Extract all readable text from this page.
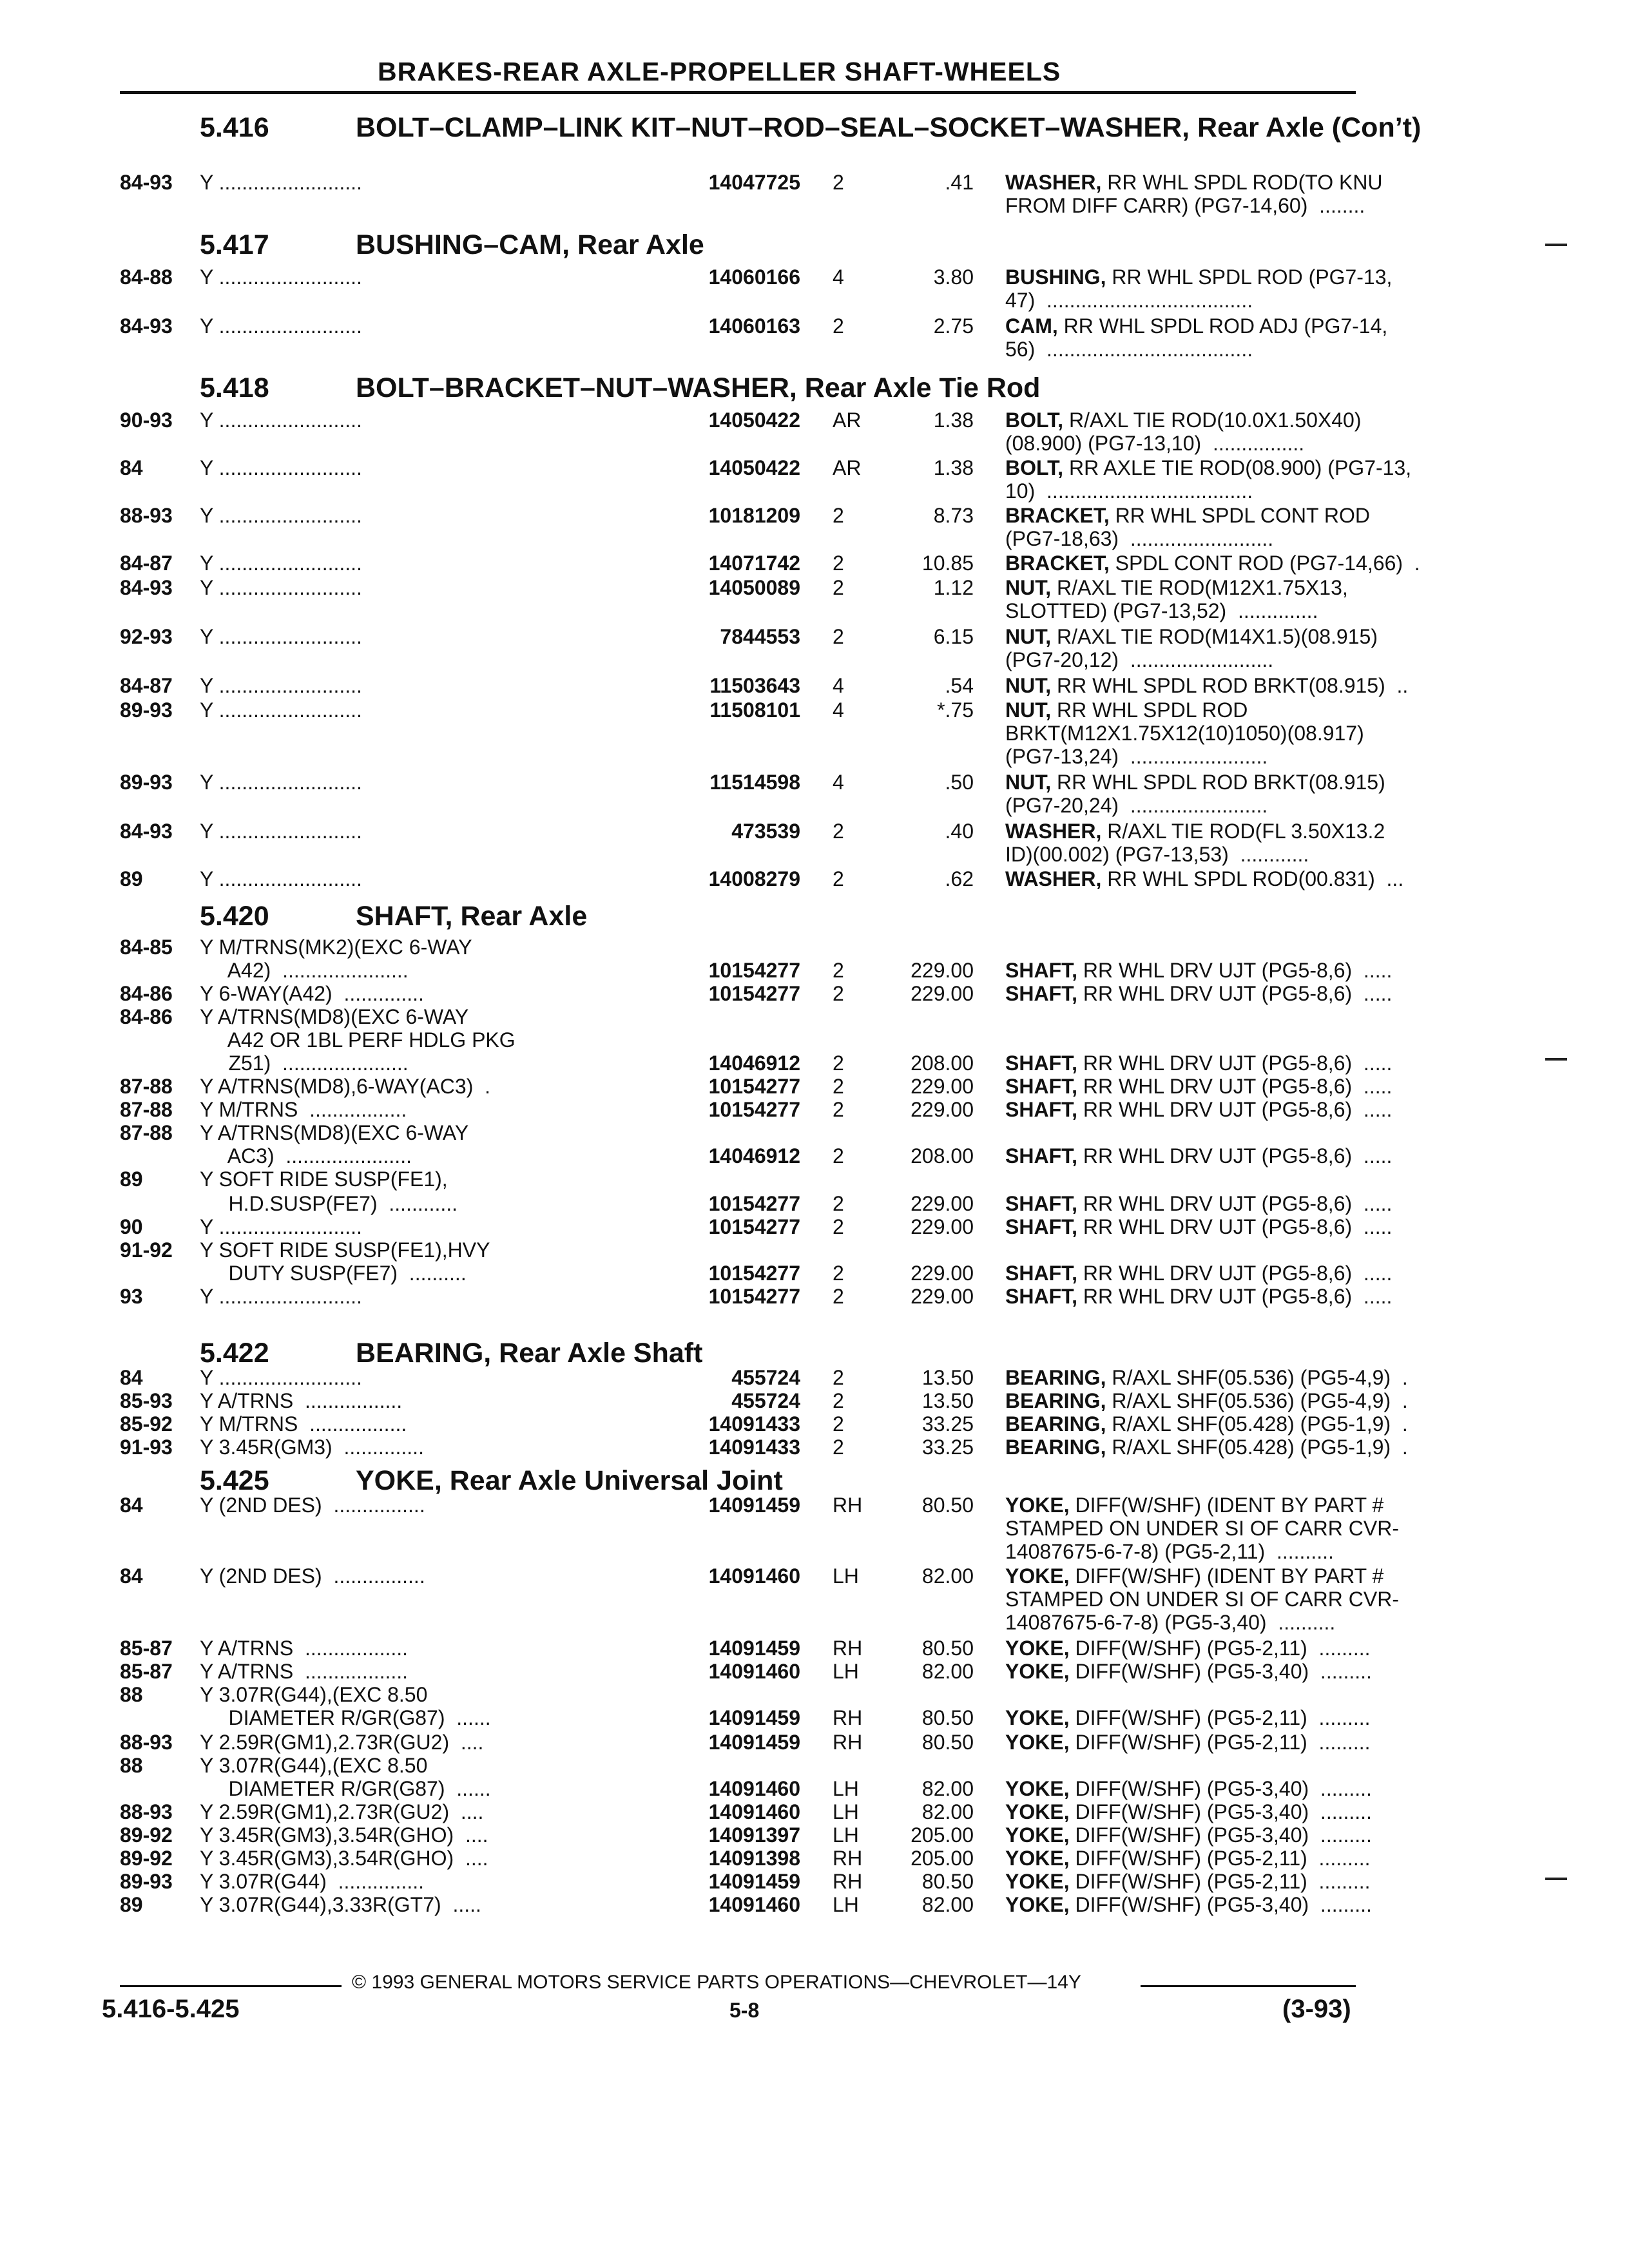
BRAKES-REAR AXLE-PROPELLER SHAFT-WHEELS
5.416	BOLT–CLAMP–LINK KIT–NUT–ROD–SEAL–SOCKET–WASHER, Rear Axle (Con’t)
5.417	BUSHING–CAM, Rear Axle
5.418	BOLT–BRACKET–NUT–WASHER, Rear Axle Tie Rod
5.420	SHAFT, Rear Axle
5.422	BEARING, Rear Axle Shaft
5.425	YOKE, Rear Axle Universal Joint
84-93 Y .........................	14047725 2	.41 WASHER, RR WHL SPDL ROD(TO KNU
FROM DIFF CARR) (PG7-14,60)  ........
84-88 Y .........................	14060166 4	3.80 BUSHING, RR WHL SPDL ROD (PG7-13,
47)  ....................................
84-93 Y .........................	14060163 2	2.75 CAM, RR WHL SPDL ROD ADJ (PG7-14,
56)  ....................................
90-93 Y .........................	14050422 AR	1.38 BOLT, R/AXL TIE ROD(10.0X1.50X40)
(08.900) (PG7-13,10)  ................
84	Y .........................	14050422 AR	1.38 BOLT, RR AXLE TIE ROD(08.900) (PG7-13,
10)  ....................................
88-93 Y .........................	10181209 2	8.73 BRACKET, RR WHL SPDL CONT ROD
(PG7-18,63)  .........................
84-87 Y .........................	14071742 2	10.85 BRACKET, SPDL CONT ROD (PG7-14,66)  .
84-93 Y .........................	14050089 2	1.12 NUT, R/AXL TIE ROD(M12X1.75X13,
SLOTTED) (PG7-13,52)  ..............
92-93 Y .........................	7844553 2	6.15 NUT, R/AXL TIE ROD(M14X1.5)(08.915)
(PG7-20,12)  .........................
84-87 Y .........................	11503643 4	.54 NUT, RR WHL SPDL ROD BRKT(08.915)  ..
89-93 Y .........................	11508101 4	*.75 NUT, RR WHL SPDL ROD
BRKT(M12X1.75X12(10)1050)(08.917)
(PG7-13,24)  ........................
89-93 Y .........................	11514598 4	.50 NUT, RR WHL SPDL ROD BRKT(08.915)
(PG7-20,24)  ........................
84-93 Y .........................	473539 2	.40 WASHER, R/AXL TIE ROD(FL 3.50X13.2
ID)(00.002) (PG7-13,53)  ............
89	Y .........................	14008279 2	.62 WASHER, RR WHL SPDL ROD(00.831)  ...
84-85 Y M/TRNS(MK2)(EXC 6-WAY
A42)  ......................	10154277 2	229.00 SHAFT, RR WHL DRV UJT (PG5-8,6)  .....
84-86 Y 6-WAY(A42)  ..............	10154277 2	229.00 SHAFT, RR WHL DRV UJT (PG5-8,6)  .....
84-86 Y A/TRNS(MD8)(EXC 6-WAY
A42 OR 1BL PERF HDLG PKG
Z51)  ......................	14046912 2	208.00 SHAFT, RR WHL DRV UJT (PG5-8,6)  .....
87-88 Y A/TRNS(MD8),6-WAY(AC3)  .	10154277 2	229.00 SHAFT, RR WHL DRV UJT (PG5-8,6)  .....
87-88 Y M/TRNS  .................	10154277 2	229.00 SHAFT, RR WHL DRV UJT (PG5-8,6)  .....
87-88 Y A/TRNS(MD8)(EXC 6-WAY
AC3)  ......................	14046912 2	208.00 SHAFT, RR WHL DRV UJT (PG5-8,6)  .....
89	Y SOFT RIDE SUSP(FE1),
H.D.SUSP(FE7)  ............	10154277 2	229.00 SHAFT, RR WHL DRV UJT (PG5-8,6)  .....
90	Y .........................	10154277 2	229.00 SHAFT, RR WHL DRV UJT (PG5-8,6)  .....
91-92 Y SOFT RIDE SUSP(FE1),HVY
DUTY SUSP(FE7)  ..........	10154277 2	229.00 SHAFT, RR WHL DRV UJT (PG5-8,6)  .....
93	Y .........................	10154277 2	229.00 SHAFT, RR WHL DRV UJT (PG5-8,6)  .....
84	Y .........................	455724 2	13.50 BEARING, R/AXL SHF(05.536) (PG5-4,9)  .
85-93 Y A/TRNS  .................	455724 2	13.50 BEARING, R/AXL SHF(05.536) (PG5-4,9)  .
85-92 Y M/TRNS  .................	14091433 2	33.25 BEARING, R/AXL SHF(05.428) (PG5-1,9)  .
91-93 Y 3.45R(GM3)  ..............	14091433 2	33.25 BEARING, R/AXL SHF(05.428) (PG5-1,9)  .
84	Y (2ND DES)  ................	14091459 RH	80.50 YOKE, DIFF(W/SHF) (IDENT BY PART #
STAMPED ON UNDER SI OF CARR CVR-
14087675-6-7-8) (PG5-2,11)  ..........
84	Y (2ND DES)  ................	14091460 LH	82.00 YOKE, DIFF(W/SHF) (IDENT BY PART #
STAMPED ON UNDER SI OF CARR CVR-
14087675-6-7-8) (PG5-3,40)  ..........
85-87 Y A/TRNS  ..................	14091459 RH	80.50 YOKE, DIFF(W/SHF) (PG5-2,11)  .........
85-87 Y A/TRNS  ..................	14091460 LH	82.00 YOKE, DIFF(W/SHF) (PG5-3,40)  .........
88	Y 3.07R(G44),(EXC 8.50
DIAMETER R/GR(G87)  ......	14091459 RH	80.50 YOKE, DIFF(W/SHF) (PG5-2,11)  .........
88-93 Y 2.59R(GM1),2.73R(GU2)  ....	14091459 RH	80.50 YOKE, DIFF(W/SHF) (PG5-2,11)  .........
88	Y 3.07R(G44),(EXC 8.50
DIAMETER R/GR(G87)  ......	14091460 LH	82.00 YOKE, DIFF(W/SHF) (PG5-3,40)  .........
88-93 Y 2.59R(GM1),2.73R(GU2)  ....	14091460 LH	82.00 YOKE, DIFF(W/SHF) (PG5-3,40)  .........
89-92 Y 3.45R(GM3),3.54R(GHO)  ....	14091397 LH	205.00 YOKE, DIFF(W/SHF) (PG5-3,40)  .........
89-92 Y 3.45R(GM3),3.54R(GHO)  ....	14091398 RH	205.00 YOKE, DIFF(W/SHF) (PG5-2,11)  .........
89-93 Y 3.07R(G44)  ...............	14091459 RH	80.50 YOKE, DIFF(W/SHF) (PG5-2,11)  .........
89	Y 3.07R(G44),3.33R(GT7)  .....	14091460 LH	82.00 YOKE, DIFF(W/SHF) (PG5-3,40)  .........
© 1993 GENERAL MOTORS SERVICE PARTS OPERATIONS—CHEVROLET—14Y
5.416-5.425	5-8	(3-93)
